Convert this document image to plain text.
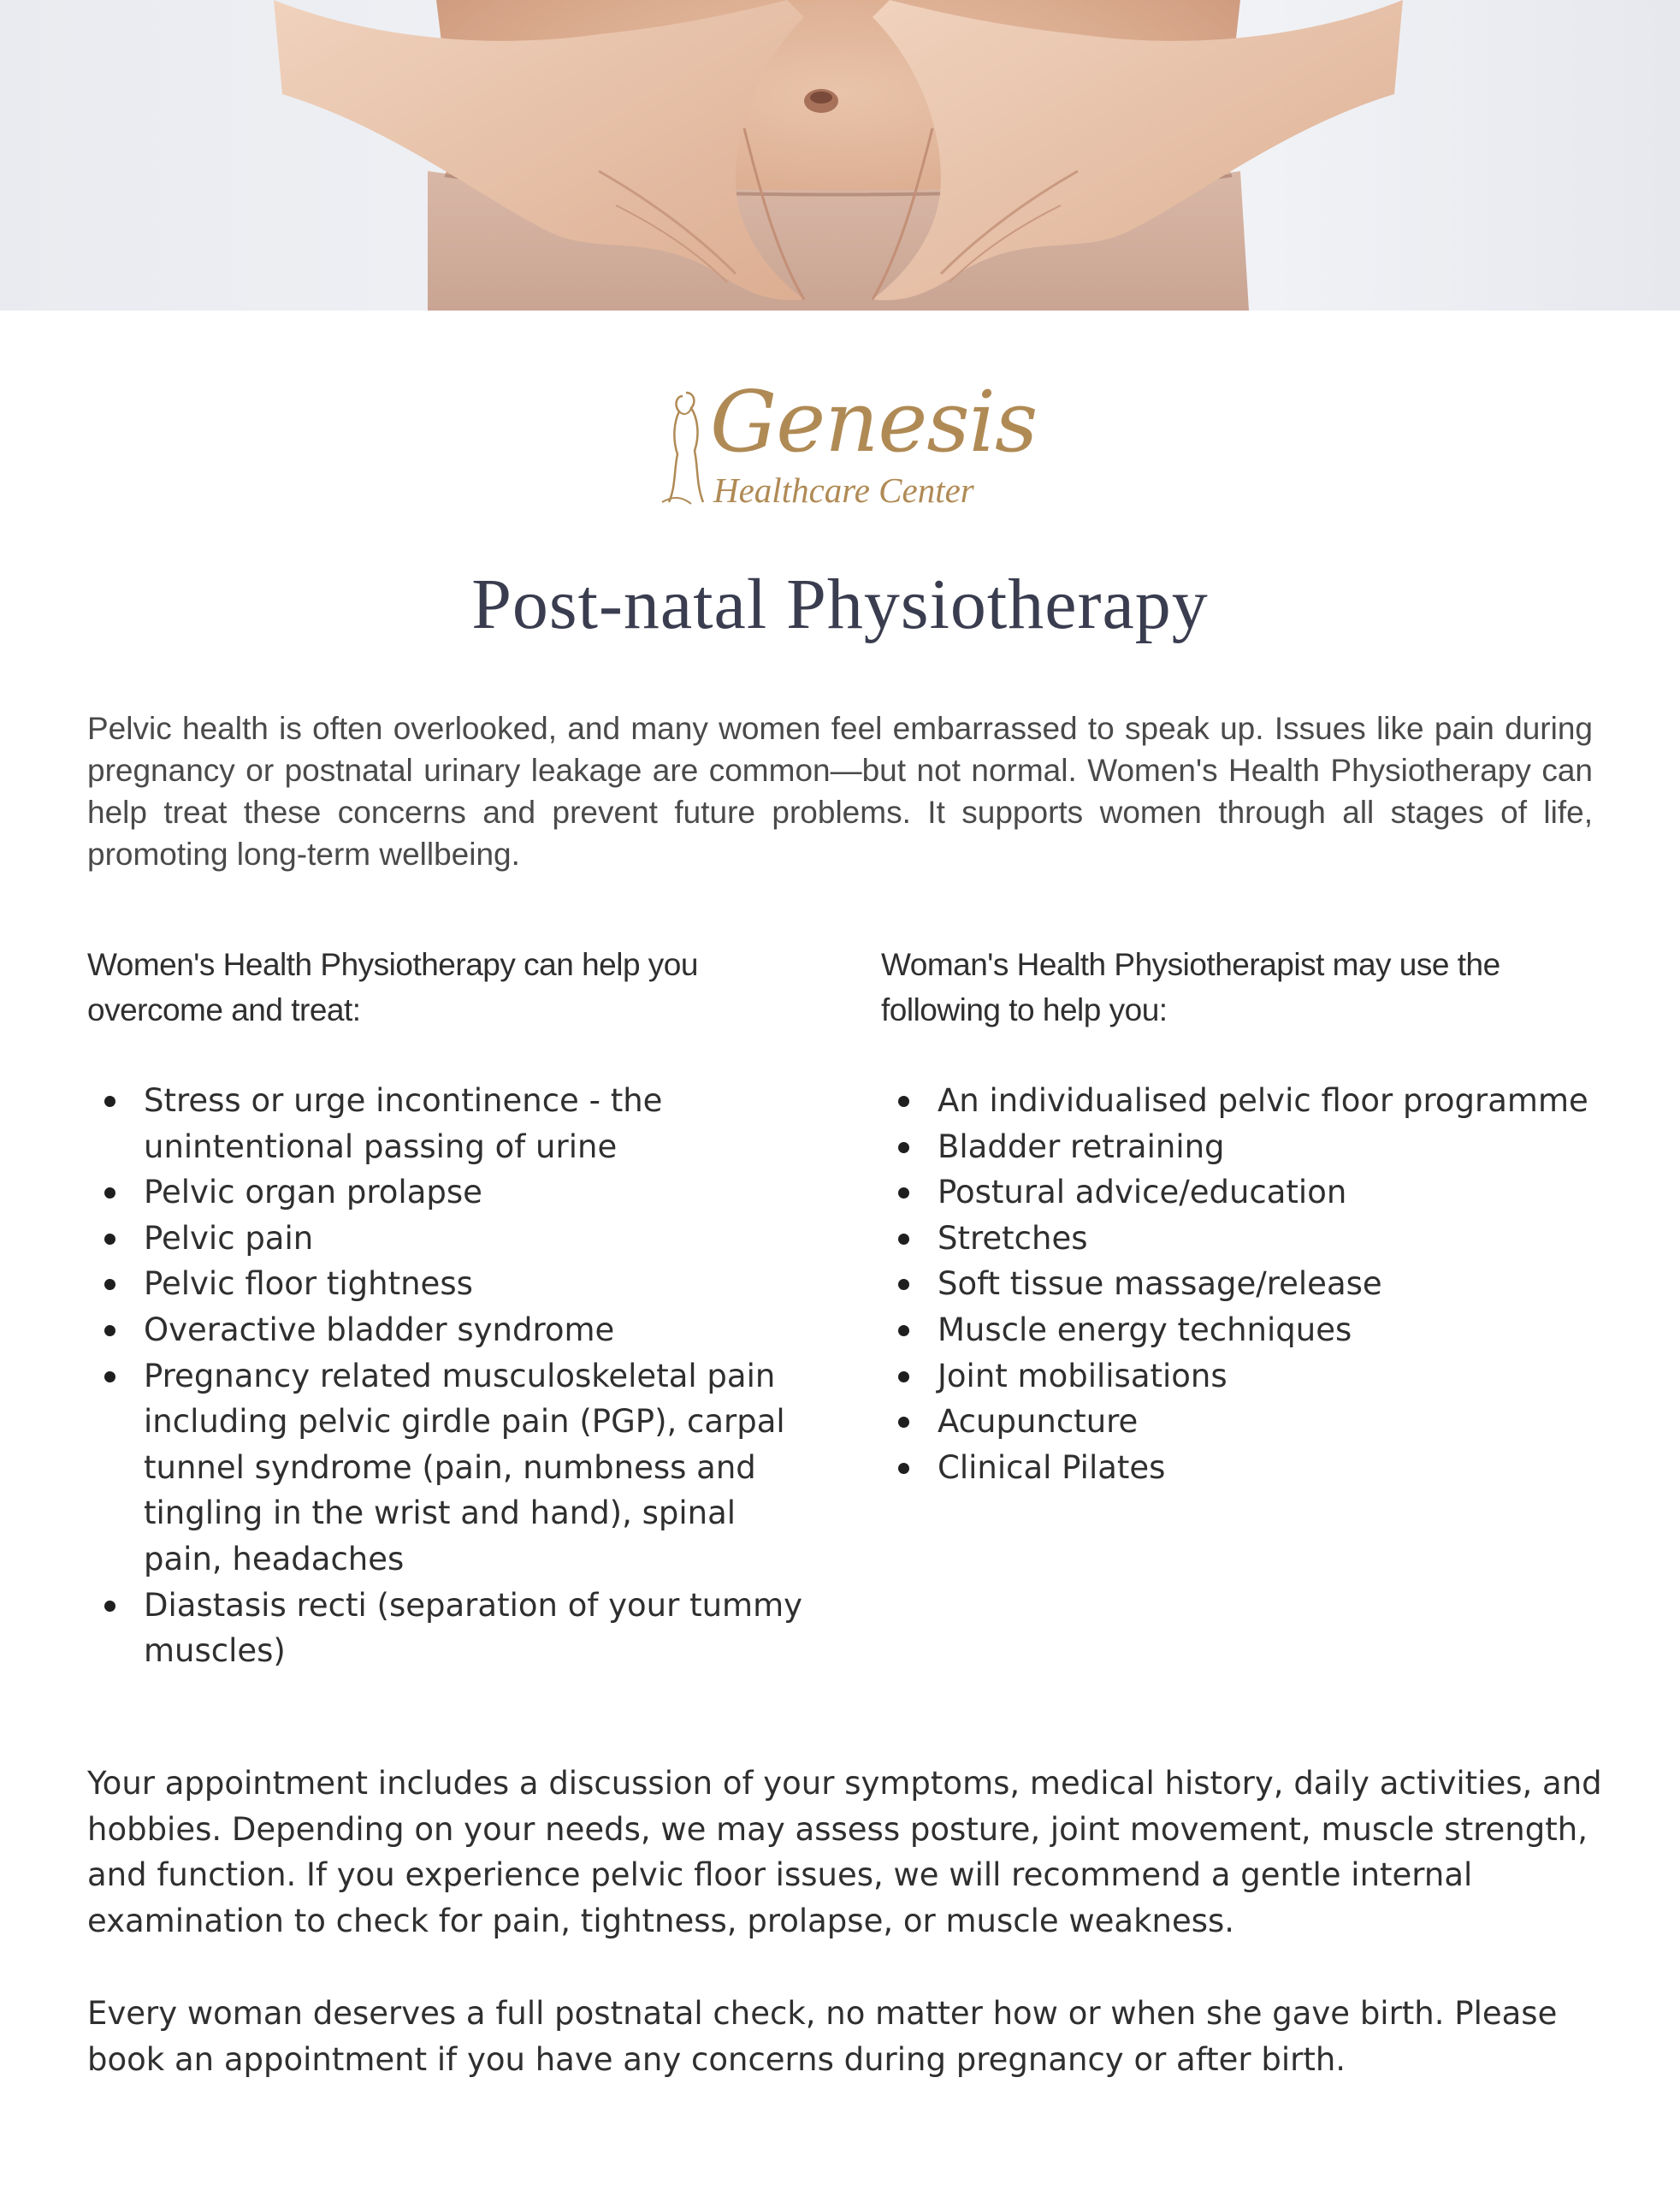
Genesis
Healthcare Center
Post-natal Physiotherapy

Pelvic health is often overlooked, and many women feel embarrassed to speak up. Issues like pain during pregnancy or postnatal urinary leakage are common—but not normal. Women's Health Physiotherapy can help treat these concerns and prevent future problems. It supports women through all stages of life, promoting long-term wellbeing.

Women's Health Physiotherapy can help you overcome and treat:

Woman's Health Physiotherapist may use the following to help you:

Stress or urge incontinence - the unintentional passing of urine
Pelvic organ prolapse
Pelvic pain
Pelvic floor tightness
Overactive bladder syndrome
Pregnancy related musculoskeletal pain including pelvic girdle pain (PGP), carpal tunnel syndrome (pain, numbness and tingling in the wrist and hand), spinal pain, headaches
Diastasis recti (separation of your tummy muscles)
An individualised pelvic floor programme
Bladder retraining
Postural advice/education
Stretches
Soft tissue massage/release
Muscle energy techniques
Joint mobilisations
Acupuncture
Clinical Pilates

Your appointment includes a discussion of your symptoms, medical history, daily activities, and hobbies. Depending on your needs, we may assess posture, joint movement, muscle strength, and function. If you experience pelvic floor issues, we will recommend a gentle internal examination to check for pain, tightness, prolapse, or muscle weakness.

Every woman deserves a full postnatal check, no matter how or when she gave birth. Please book an appointment if you have any concerns during pregnancy or after birth.
